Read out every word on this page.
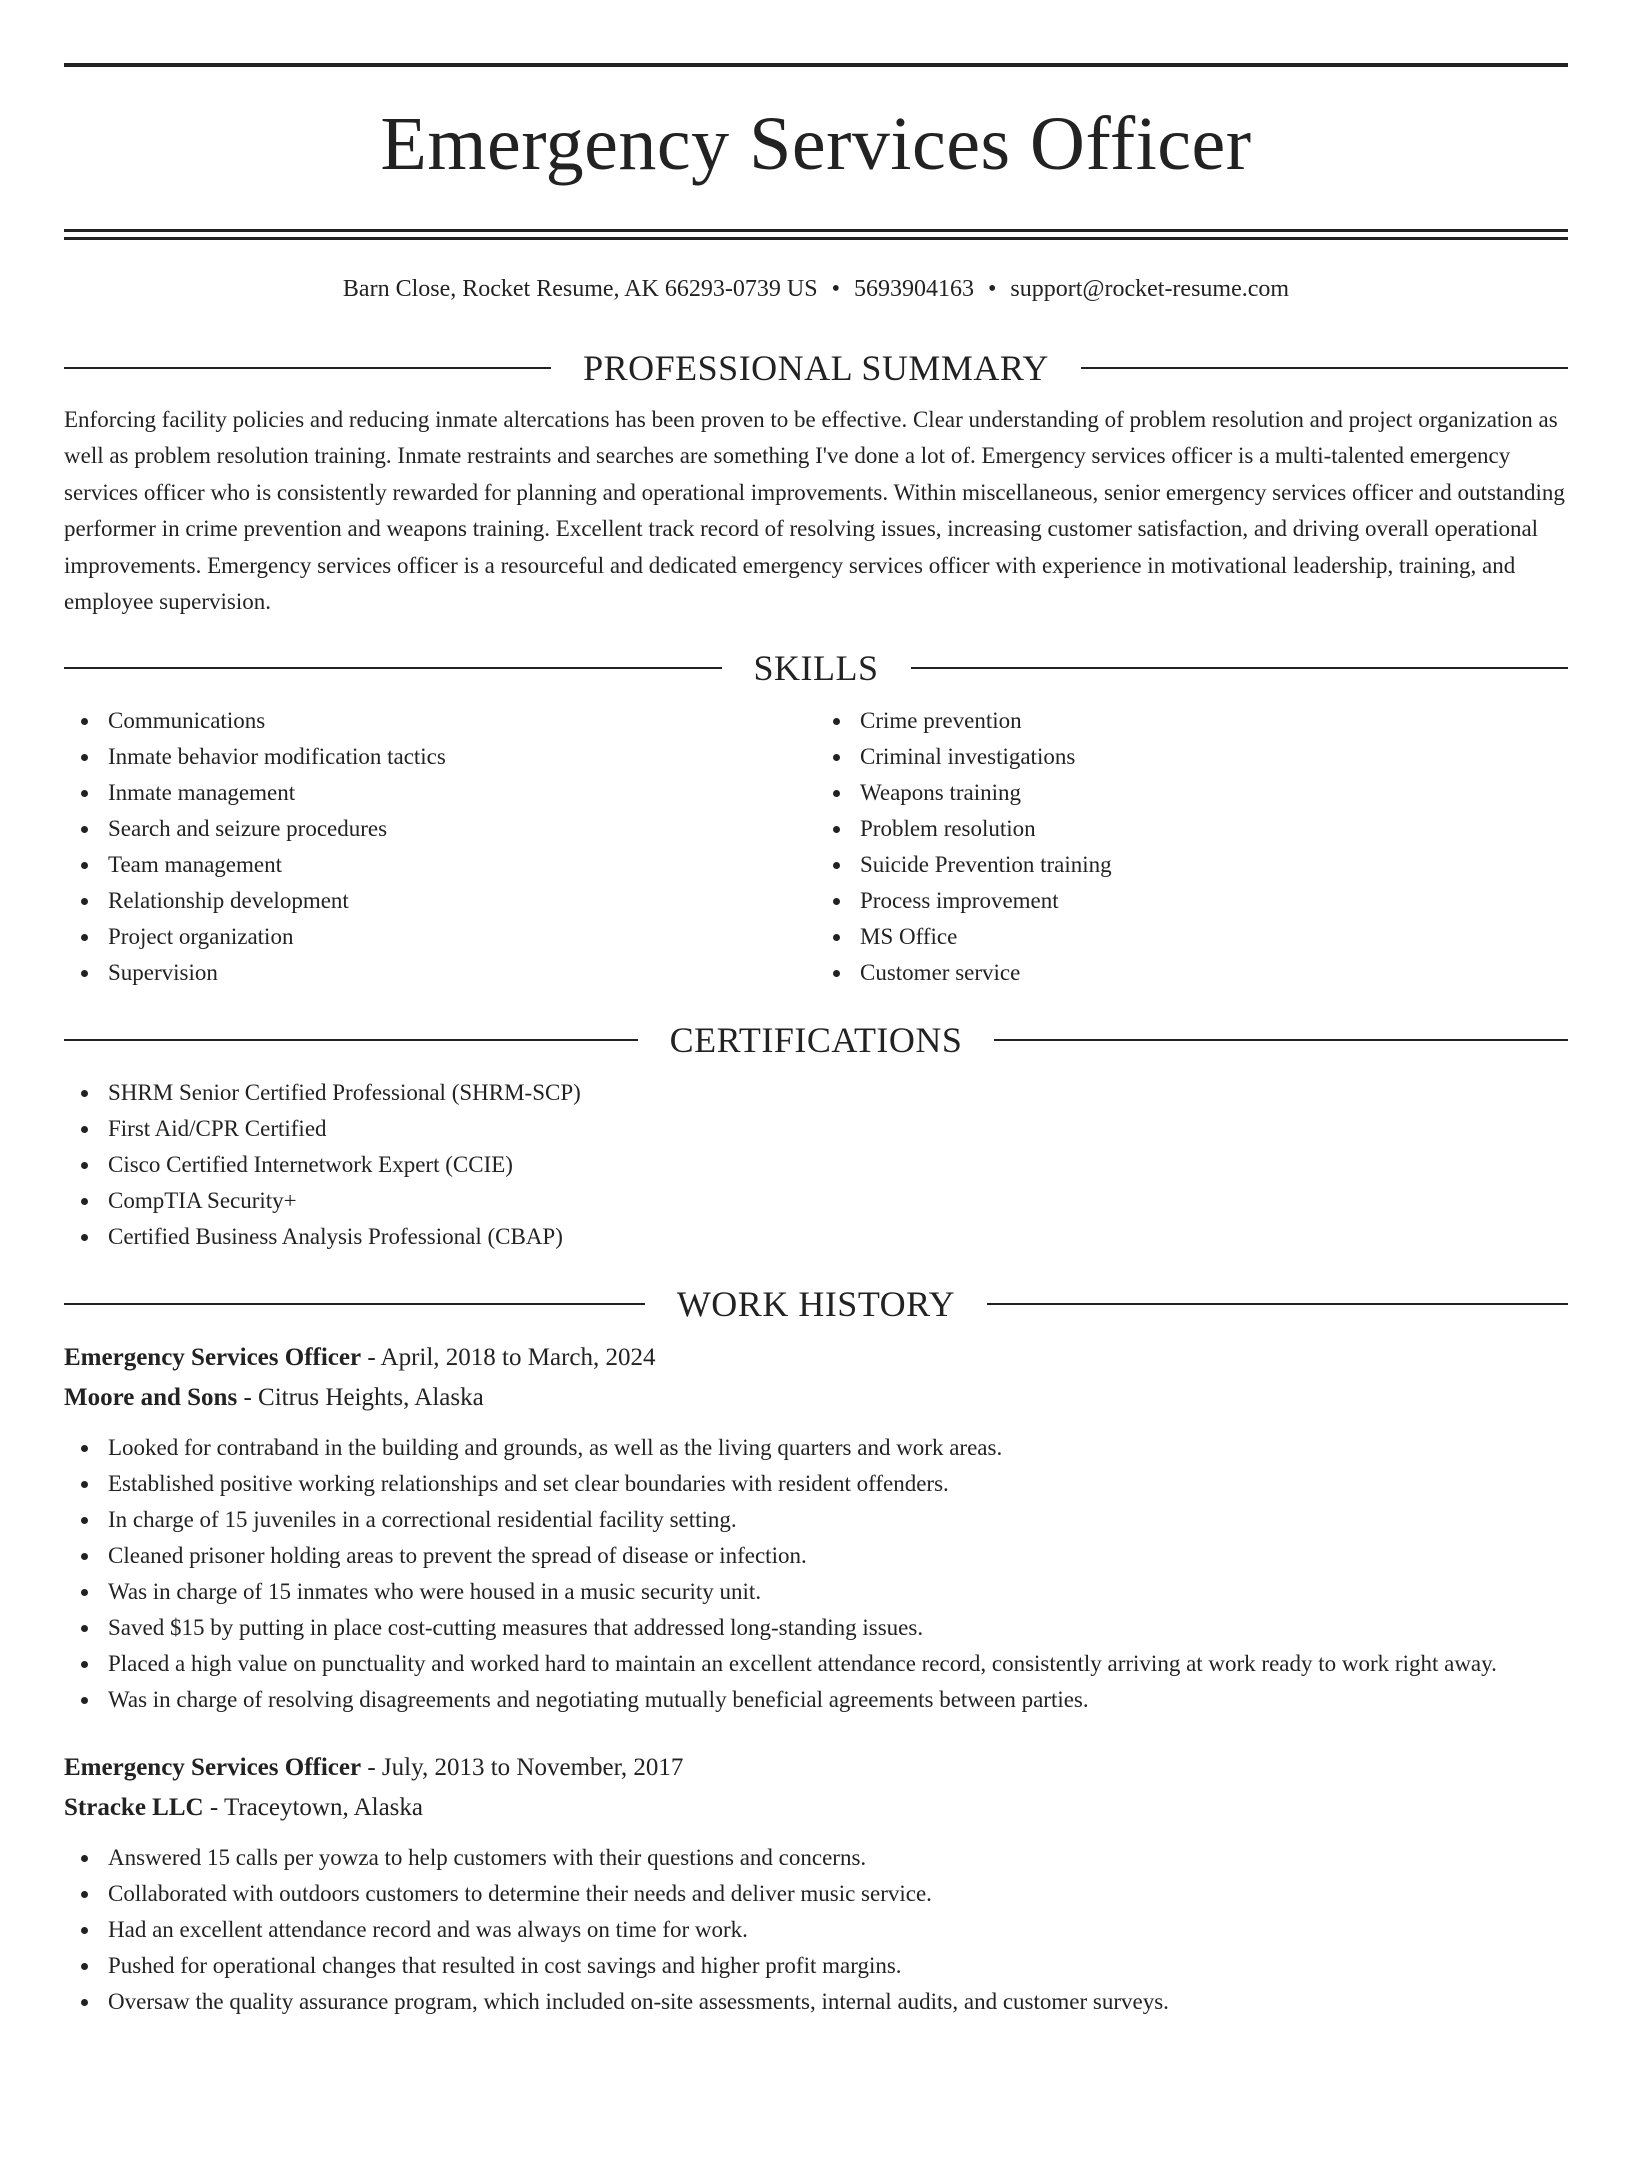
Emergency Services Officer
Barn Close, Rocket Resume, AK 66293-0739 US • 5693904163 • support@rocket-resume.com
PROFESSIONAL SUMMARY

Enforcing facility policies and reducing inmate altercations has been proven to be effective. Clear understanding of problem resolution and project organization as well as problem resolution training. Inmate restraints and searches are something I've done a lot of. Emergency services officer is a multi-talented emergency services officer who is consistently rewarded for planning and operational improvements. Within miscellaneous, senior emergency services officer and outstanding performer in crime prevention and weapons training. Excellent track record of resolving issues, increasing customer satisfaction, and driving overall operational improvements. Emergency services officer is a resourceful and dedicated emergency services officer with experience in motivational leadership, training, and employee supervision.

SKILLS
Communications
Inmate behavior modification tactics
Inmate management
Search and seizure procedures
Team management
Relationship development
Project organization
Supervision
Crime prevention
Criminal investigations
Weapons training
Problem resolution
Suicide Prevention training
Process improvement
MS Office
Customer service
CERTIFICATIONS
SHRM Senior Certified Professional (SHRM-SCP)
First Aid/CPR Certified
Cisco Certified Internetwork Expert (CCIE)
CompTIA Security+
Certified Business Analysis Professional (CBAP)
WORK HISTORY
Emergency Services Officer - April, 2018 to March, 2024
Moore and Sons - Citrus Heights, Alaska
Looked for contraband in the building and grounds, as well as the living quarters and work areas.
Established positive working relationships and set clear boundaries with resident offenders.
In charge of 15 juveniles in a correctional residential facility setting.
Cleaned prisoner holding areas to prevent the spread of disease or infection.
Was in charge of 15 inmates who were housed in a music security unit.
Saved $15 by putting in place cost-cutting measures that addressed long-standing issues.
Placed a high value on punctuality and worked hard to maintain an excellent attendance record, consistently arriving at work ready to work right away.
Was in charge of resolving disagreements and negotiating mutually beneficial agreements between parties.
Emergency Services Officer - July, 2013 to November, 2017
Stracke LLC - Traceytown, Alaska
Answered 15 calls per yowza to help customers with their questions and concerns.
Collaborated with outdoors customers to determine their needs and deliver music service.
Had an excellent attendance record and was always on time for work.
Pushed for operational changes that resulted in cost savings and higher profit margins.
Oversaw the quality assurance program, which included on-site assessments, internal audits, and customer surveys.
